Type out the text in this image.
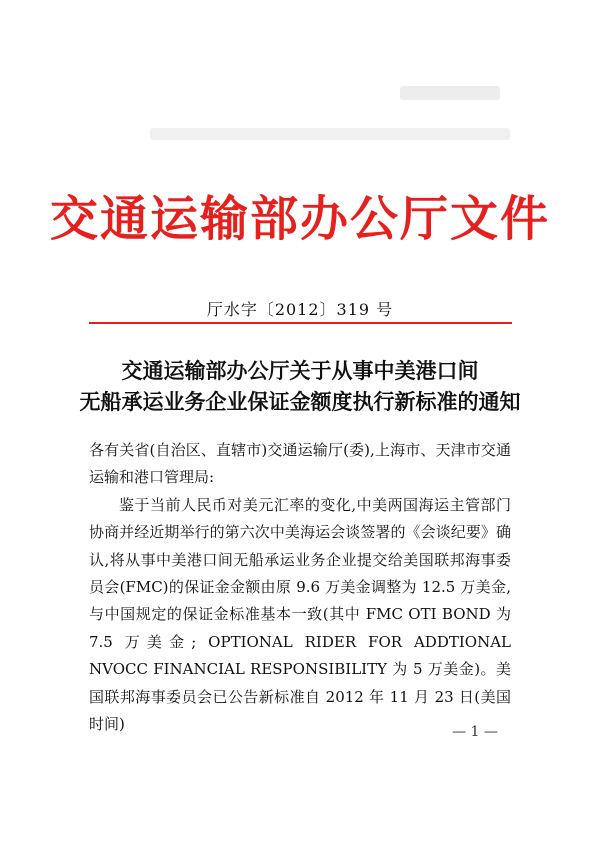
交通运输部办公厅文件
厅水字〔2012〕319 号
交通运输部办公厅关于从事中美港口间
无船承运业务企业保证金额度执行新标准的通知

各有关省(自治区、直辖市)交通运输厅(委),上海市、天津市交通运输和港口管理局:

鉴于当前人民币对美元汇率的变化,中美两国海运主管部门协商并经近期举行的第六次中美海运会谈签署的《会谈纪要》确认,将从事中美港口间无船承运业务企业提交给美国联邦海事委员会(FMC)的保证金金额由原 9.6 万美金调整为 12.5 万美金,与中国规定的保证金标准基本一致(其中 FMC OTI BOND 为 7.5 万美金; OPTIONAL RIDER FOR ADDTIONAL NVOCC FINANCIAL RESPONSIBILITY 为 5 万美金)。美国联邦海事委员会已公告新标准自 2012 年 11 月 23 日(美国时间)	— 1 —
